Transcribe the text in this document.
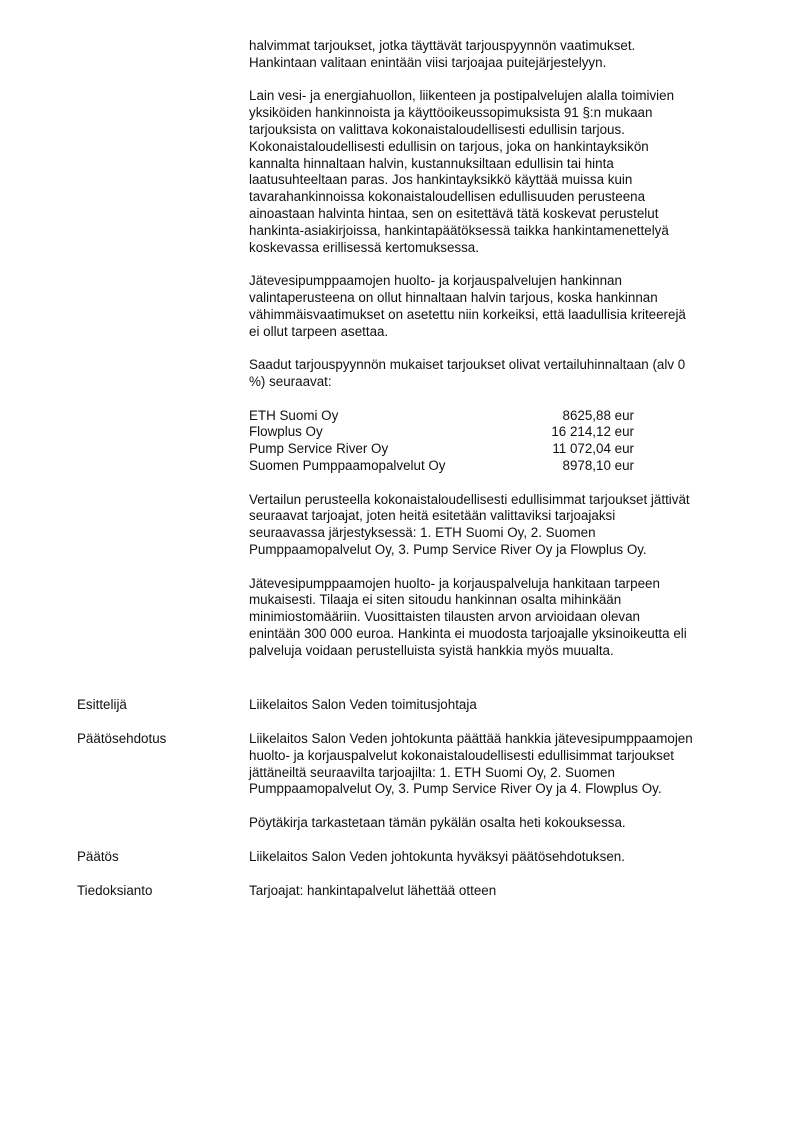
halvimmat tarjoukset, jotka täyttävät tarjouspyynnön vaatimukset.
Hankintaan valitaan enintään viisi tarjoajaa puitejärjestelyyn.

Lain vesi- ja energiahuollon, liikenteen ja postipalvelujen alalla toimivien
yksiköiden hankinnoista ja käyttöoikeussopimuksista 91 §:n mukaan
tarjouksista on valittava kokonaistaloudellisesti edullisin tarjous.
Kokonaistaloudellisesti edullisin on tarjous, joka on hankintayksikön
kannalta hinnaltaan halvin, kustannuksiltaan edullisin tai hinta
laatusuhteeltaan paras. Jos hankintayksikkö käyttää muissa kuin
tavarahankinnoissa kokonaistaloudellisen edullisuuden perusteena
ainoastaan halvinta hintaa, sen on esitettävä tätä koskevat perustelut
hankinta-asiakirjoissa, hankintapäätöksessä taikka hankintamenettelyä
koskevassa erillisessä kertomuksessa.

Jätevesipumppaamojen huolto- ja korjauspalvelujen hankinnan
valintaperusteena on ollut hinnaltaan halvin tarjous, koska hankinnan
vähimmäisvaatimukset on asetettu niin korkeiksi, että laadullisia kriteerejä
ei ollut tarpeen asettaa.

Saadut tarjouspyynnön mukaiset tarjoukset olivat vertailuhinnaltaan (alv 0
%) seuraavat:

ETH Suomi Oy	8625,88 eur
Flowplus Oy	16 214,12 eur
Pump Service River Oy	11 072,04 eur
Suomen Pumppaamopalvelut Oy	8978,10 eur

Vertailun perusteella kokonaistaloudellisesti edullisimmat tarjoukset jättivät
seuraavat tarjoajat, joten heitä esitetään valittaviksi tarjoajaksi
seuraavassa järjestyksessä: 1. ETH Suomi Oy, 2. Suomen
Pumppaamopalvelut Oy, 3. Pump Service River Oy ja Flowplus Oy.

Jätevesipumppaamojen huolto- ja korjauspalveluja hankitaan tarpeen
mukaisesti. Tilaaja ei siten sitoudu hankinnan osalta mihinkään
minimiostomääriin. Vuosittaisten tilausten arvon arvioidaan olevan
enintään 300 000 euroa. Hankinta ei muodosta tarjoajalle yksinoikeutta eli
palveluja voidaan perustelluista syistä hankkia myös muualta.

Esittelijä	Liikelaitos Salon Veden toimitusjohtaja
Päätösehdotus	Liikelaitos Salon Veden johtokunta päättää hankkia jätevesipumppaamojen
huolto- ja korjauspalvelut kokonaistaloudellisesti edullisimmat tarjoukset
jättäneiltä seuraavilta tarjoajilta: 1. ETH Suomi Oy, 2. Suomen
Pumppaamopalvelut Oy, 3. Pump Service River Oy ja 4. Flowplus Oy.

Pöytäkirja tarkastetaan tämän pykälän osalta heti kokouksessa.

Päätös	Liikelaitos Salon Veden johtokunta hyväksyi päätösehdotuksen.
Tiedoksianto	Tarjoajat: hankintapalvelut lähettää otteen
